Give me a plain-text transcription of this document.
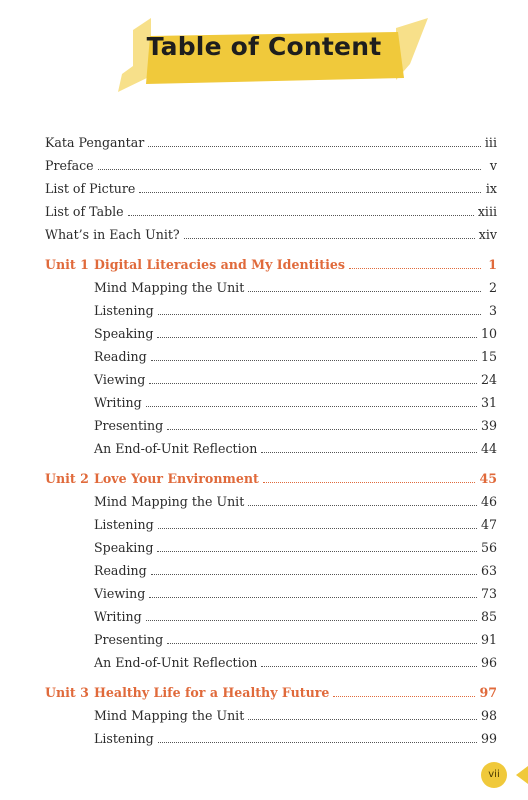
Table of Content
Kata Pengantar	iii
Preface	v
List of Picture	ix
List of Table	xiii
What’s in Each Unit?	xiv
Unit 1 Digital Literacies and My Identities	1
Mind Mapping the Unit	2
Listening	3
Speaking	10
Reading	15
Viewing	24
Writing	31
Presenting	39
An End-of-Unit Reflection	44
Unit 2 Love Your Environment	45
Mind Mapping the Unit	46
Listening	47
Speaking	56
Reading	63
Viewing	73
Writing	85
Presenting	91
An End-of-Unit Reflection	96
Unit 3 Healthy Life for a Healthy Future	97
Mind Mapping the Unit	98
Listening	99
vii
